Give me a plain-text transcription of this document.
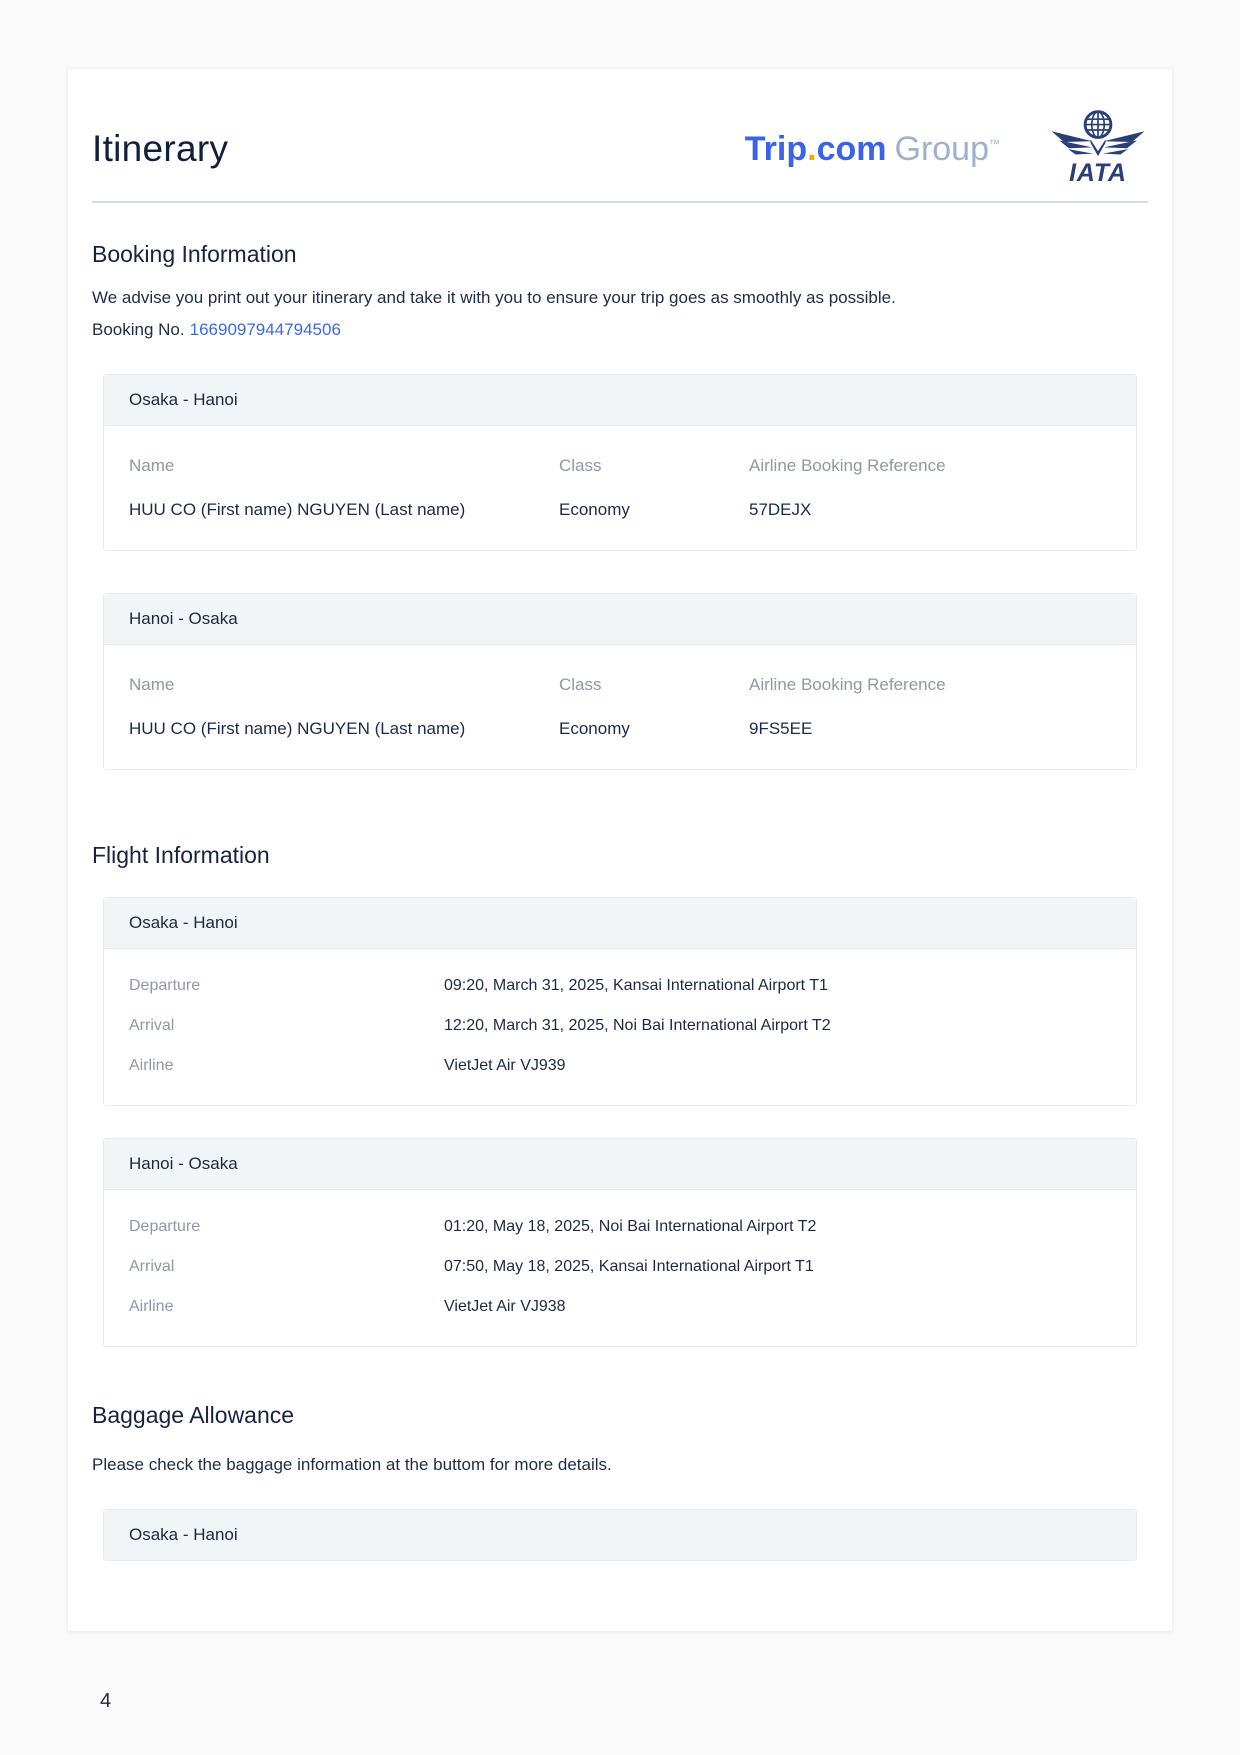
Itinerary	Trip.com Group™
IATA
Booking Information

We advise you print out your itinerary and take it with you to ensure your trip goes as smoothly as possible.

Booking No. 1669097944794506

Osaka - Hanoi
Name	Class	Airline Booking Reference
HUU CO (First name) NGUYEN (Last name)	Economy	57DEJX
Hanoi - Osaka
Name	Class	Airline Booking Reference
HUU CO (First name) NGUYEN (Last name)	Economy	9FS5EE
Flight Information
Osaka - Hanoi
Departure	09:20, March 31, 2025, Kansai International Airport T1
Arrival	12:20, March 31, 2025, Noi Bai International Airport T2
Airline	VietJet Air VJ939
Hanoi - Osaka
Departure	01:20, May 18, 2025, Noi Bai International Airport T2
Arrival	07:50, May 18, 2025, Kansai International Airport T1
Airline	VietJet Air VJ938
Baggage Allowance

Please check the baggage information at the buttom for more details.

Osaka - Hanoi
4
